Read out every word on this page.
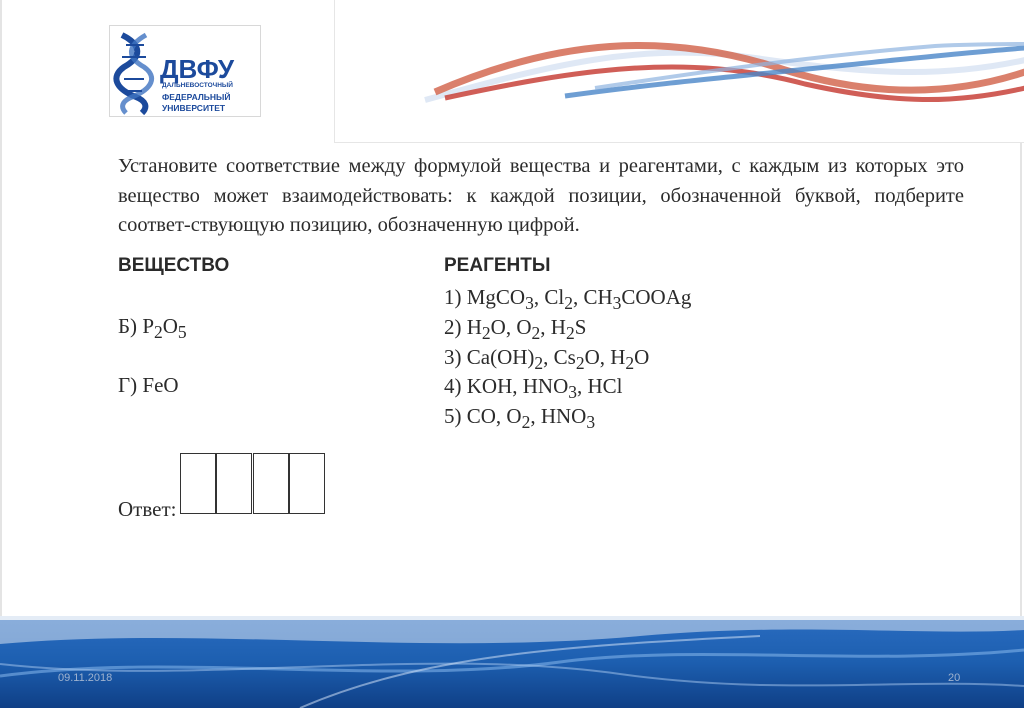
ДВФУ
ДАЛЬНЕВОСТОЧНЫЙ
ФЕДЕРАЛЬНЫЙ
УНИВЕРСИТЕТ
Установите соответствие между формулой вещества и реагентами, с каждым из которых это вещество может взаимодействовать: к каждой позиции, обозначенной буквой, подберите соответ-ствующую позицию, обозначенную цифрой.
ВЕЩЕСТВО
Б) $P_2O_5$
Г) FeO
РЕАГЕНТЫ
1) MgCO$_3$, $Cl_2$, $CH_3COOAg$
2) $H_2O$, $O_2$, $H_2S$
3) $Ca(OH)_2$, $Cs_2O$, $H_2O$
4) KOH, $HNO_3$, HCl
5) CO, $O_2$, $HNO_3$
Ответ:
09.11.2018	20
